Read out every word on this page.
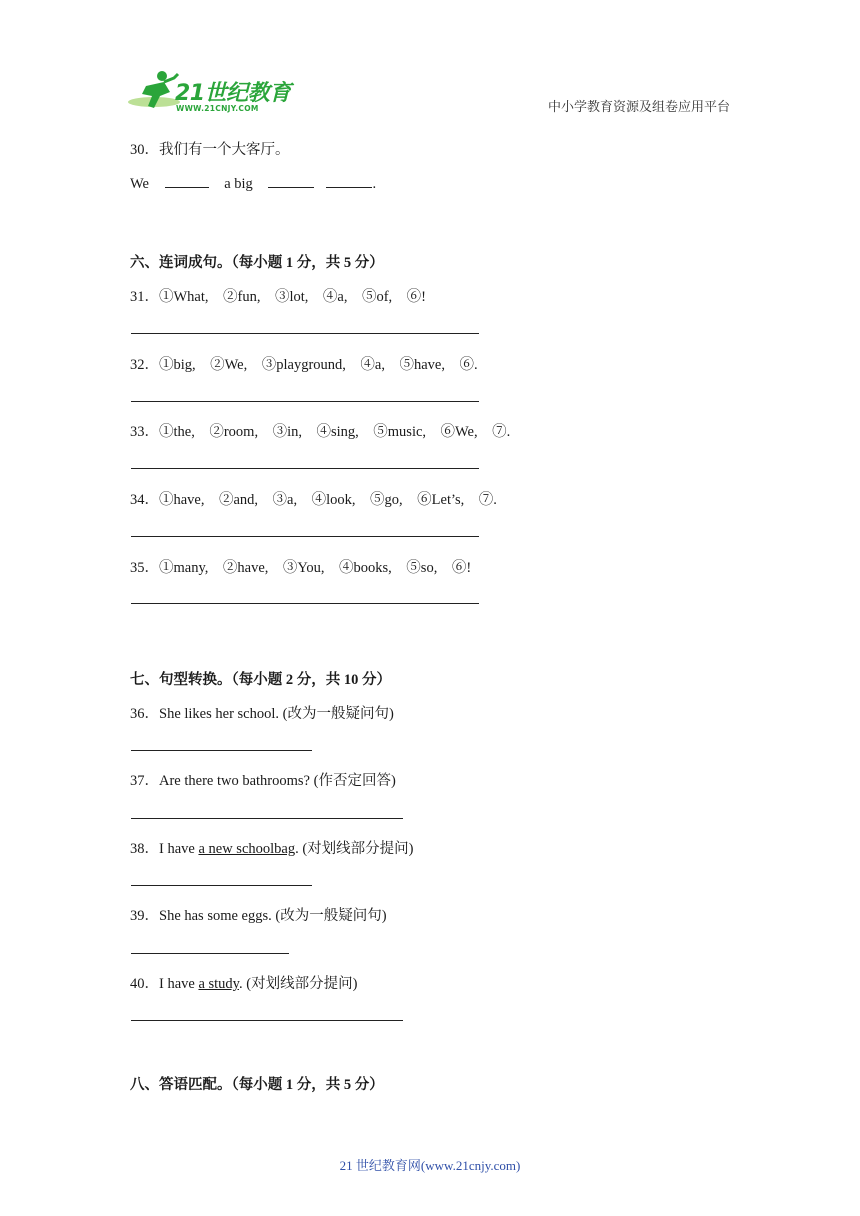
21世纪教育
WWW.21CNJY.COM	中小学教育资源及组卷应用平台
30．我们有一个大客厅。
We	a big	.
六、连词成句。（每小题 1 分，共 5 分）
31．①What,　②fun,　③lot,　④a,　⑤of,　⑥!
32．①big,　②We,　③playground,　④a,　⑤have,　⑥.
33．①the,　②room,　③in,　④sing,　⑤music,　⑥We,　⑦.
34．①have,　②and,　③a,　④look,　⑤go,　⑥Let’s,　⑦.
35．①many,　②have,　③You,　④books,　⑤so,　⑥!
七、句型转换。（每小题 2 分，共 10 分）
36．She likes her school. (改为一般疑问句)
37．Are there two bathrooms? (作否定回答)
38．I have a new schoolbag. (对划线部分提问)
39．She has some eggs. (改为一般疑问句)
40．I have a study. (对划线部分提问)
八、答语匹配。（每小题 1 分，共 5 分）
21 世纪教育网(www.21cnjy.com)
